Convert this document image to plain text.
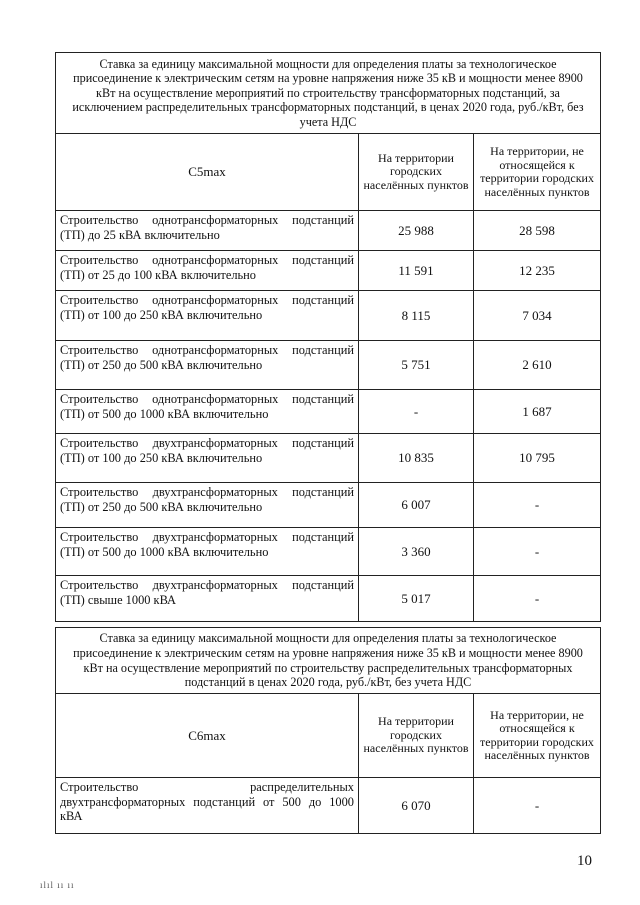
Ставка за единицу максимальной мощности для определения платы за технологическое присоединение к электрическим сетям на уровне напряжения ниже 35 кВ и мощности менее 8900 кВт на осуществление мероприятий по строительству трансформаторных подстанций, за исключением распределительных трансформаторных подстанций, в ценах 2020 года, руб./кВт, без учета НДС		
C5max	На территории городских населённых пунктов	На территории, не относящейся к территории городских населённых пунктов
Строительство однотрансформаторных подстанций (ТП) до 25 кВА включительно	25 988	28 598
Строительство однотрансформаторных подстанций (ТП) от 25 до 100 кВА включительно	11 591	12 235
Строительство однотрансформаторных подстанций (ТП) от 100 до 250 кВА включительно	8 115	7 034
Строительство однотрансформаторных подстанций (ТП) от 250 до 500 кВА включительно	5 751	2 610
Строительство однотрансформаторных подстанций (ТП) от 500 до 1000 кВА включительно	-	1 687
Строительство двухтрансформаторных подстанций (ТП) от 100 до 250 кВА включительно	10 835	10 795
Строительство двухтрансформаторных подстанций (ТП) от 250 до 500 кВА включительно	6 007	-
Строительство двухтрансформаторных подстанций (ТП) от 500 до 1000 кВА включительно	3 360	-
Строительство двухтрансформаторных подстанций (ТП) свыше 1000 кВА	5 017	-
Ставка за единицу максимальной мощности для определения платы за технологическое присоединение к электрическим сетям на уровне напряжения ниже 35 кВ и мощности менее 8900 кВт на осуществление мероприятий по строительству распределительных трансформаторных подстанций в ценах 2020 года, руб./кВт, без учета НДС		
C6max	На территории городских населённых пунктов	На территории, не относящейся к территории городских населённых пунктов
Строительство распределительных двухтрансформаторных подстанций от 500 до 1000 кВА	6 070	-
10
ılıl ıı ıı
